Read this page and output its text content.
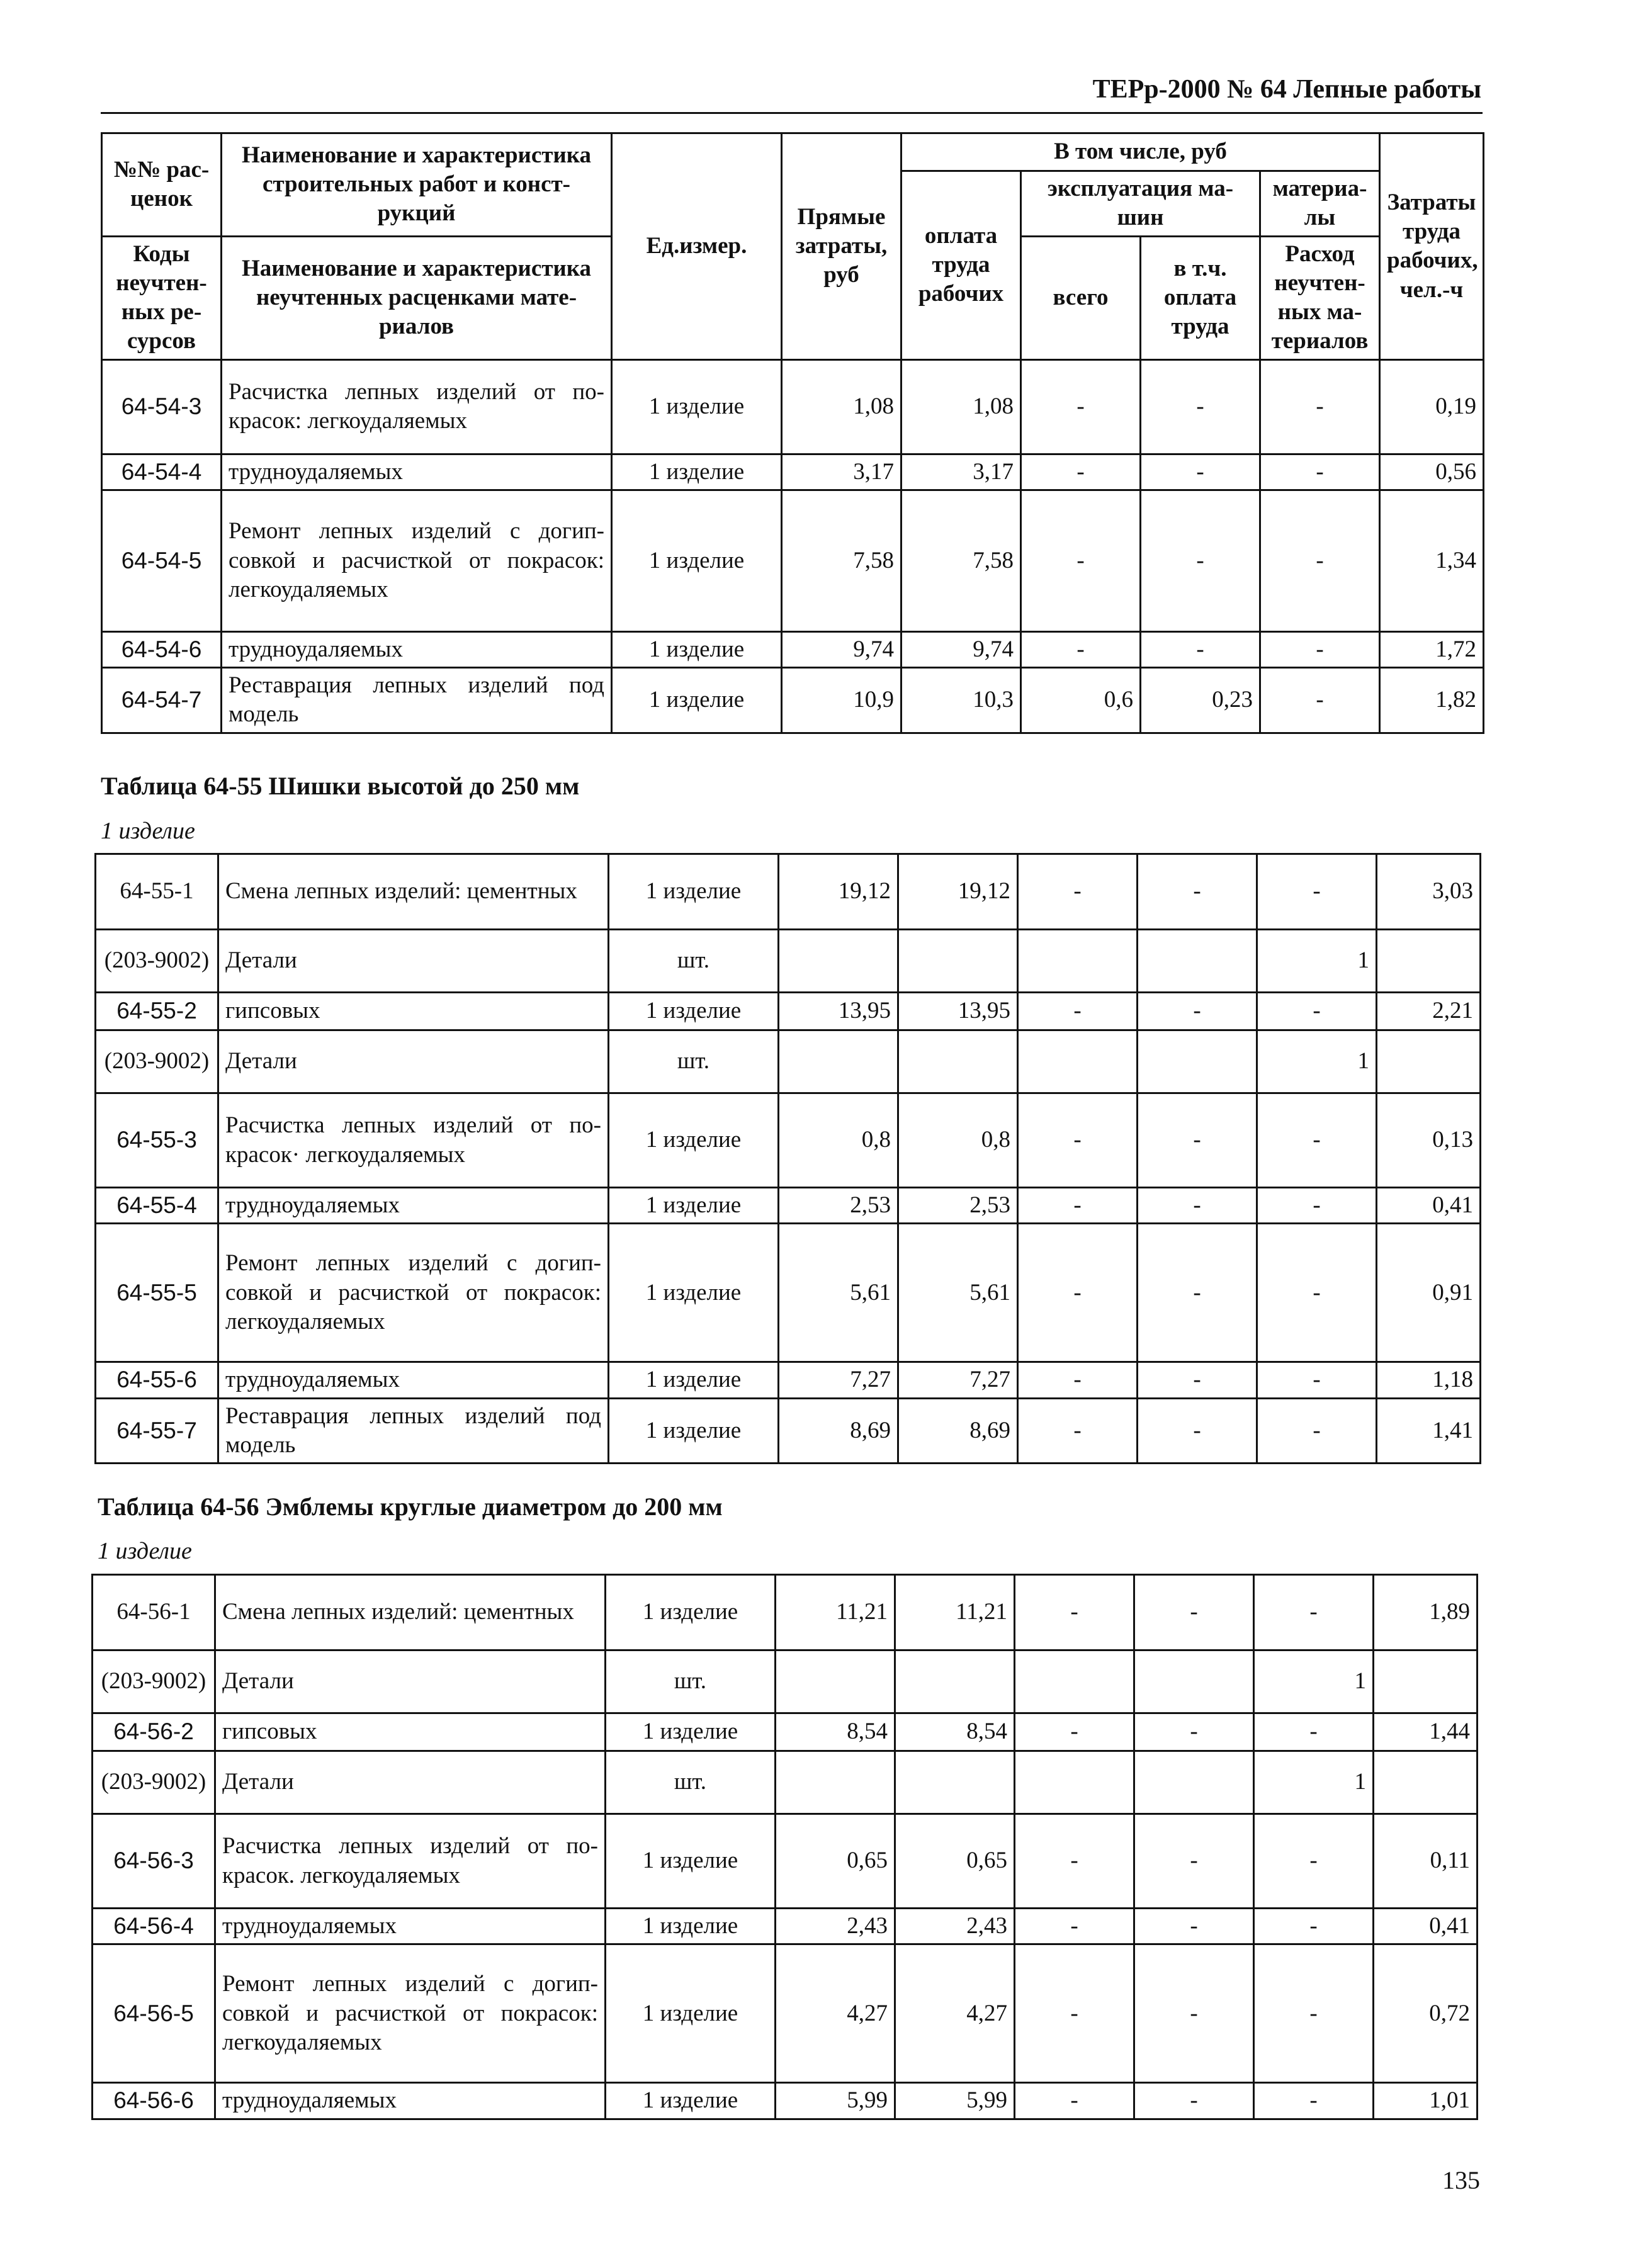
ТЕРр-2000 № 64 Лепные работы
№№ рас-ценок	Наименование и характеристика строительных работ и конст-рукций	Ед.измер.	Прямые затраты, руб	В том числе, руб				Затраты труда рабочих, чел.-ч
				оплата труда рабочих	эксплуатация ма-шин		материа-лы	
Коды неучтен-ных ре-сурсов	Наименование и характеристика неучтенных расценками мате-риалов				всего	в т.ч. оплата труда	Расход неучтен-ных ма-териалов	

64-54-3	Расчистка лепных изделий от по-красок: легкоудаляемых	1 изделие	1,08	1,08	-	-	-	0,19
64-54-4	трудноудаляемых	1 изделие	3,17	3,17	-	-	-	0,56
64-54-5	Ремонт лепных изделий с догип-совкой и расчисткой от покрасок: легкоудаляемых	1 изделие	7,58	7,58	-	-	-	1,34
64-54-6	трудноудаляемых	1 изделие	9,74	9,74	-	-	-	1,72
64-54-7	Реставрация лепных изделий под модель	1 изделие	10,9	10,3	0,6	0,23	-	1,82
Таблица 64-55 Шишки высотой до 250 мм
1 изделие
64-55-1	Смена лепных изделий: цементных	1 изделие	19,12	19,12	-	-	-	3,03
(203-9002)	Детали	шт.					1	
64-55-2	гипсовых	1 изделие	13,95	13,95	-	-	-	2,21
(203-9002)	Детали	шт.					1	
64-55-3	Расчистка лепных изделий от по-красок· легкоудаляемых	1 изделие	0,8	0,8	-	-	-	0,13
64-55-4	трудноудаляемых	1 изделие	2,53	2,53	-	-	-	0,41
64-55-5	Ремонт лепных изделий с догип-совкой и расчисткой от покрасок: легкоудаляемых	1 изделие	5,61	5,61	-	-	-	0,91
64-55-6	трудноудаляемых	1 изделие	7,27	7,27	-	-	-	1,18
64-55-7	Реставрация лепных изделий под модель	1 изделие	8,69	8,69	-	-	-	1,41
Таблица 64-56 Эмблемы круглые диаметром до 200 мм
1 изделие
64-56-1	Смена лепных изделий: цементных	1 изделие	11,21	11,21	-	-	-	1,89
(203-9002)	Детали	шт.					1	
64-56-2	гипсовых	1 изделие	8,54	8,54	-	-	-	1,44
(203-9002)	Детали	шт.					1	
64-56-3	Расчистка лепных изделий от по-красок. легкоудаляемых	1 изделие	0,65	0,65	-	-	-	0,11
64-56-4	трудноудаляемых	1 изделие	2,43	2,43	-	-	-	0,41
64-56-5	Ремонт лепных изделий с догип-совкой и расчисткой от покрасок: легкоудаляемых	1 изделие	4,27	4,27	-	-	-	0,72
64-56-6	трудноудаляемых	1 изделие	5,99	5,99	-	-	-	1,01
135
